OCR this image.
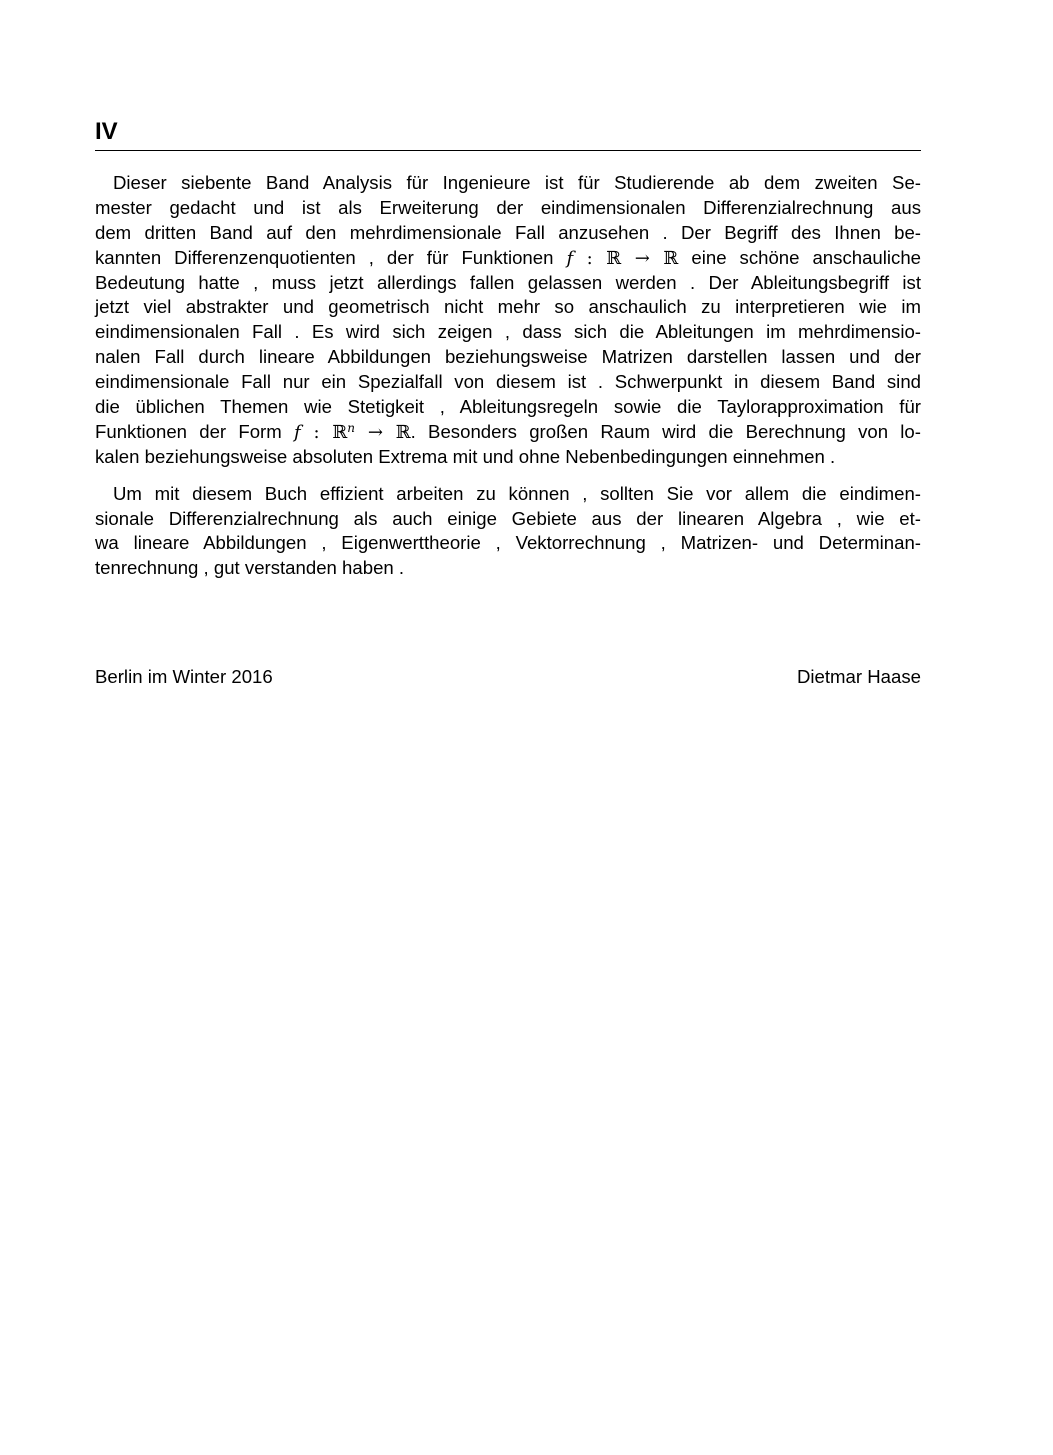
IV

Dieser siebente Band Analysis für Ingenieure ist für Studierende ab dem zweiten Se-
mester gedacht und ist als Erweiterung der eindimensionalen Differenzialrechnung aus
dem dritten Band auf den mehrdimensionale Fall anzusehen . Der Begriff des Ihnen be-
kannten Differenzenquotienten , der für Funktionen f : ℝ → ℝ eine schöne anschauliche
Bedeutung hatte , muss jetzt allerdings fallen gelassen werden . Der Ableitungsbegriff ist
jetzt viel abstrakter und geometrisch nicht mehr so anschaulich zu interpretieren wie im
eindimensionalen Fall . Es wird sich zeigen , dass sich die Ableitungen im mehrdimensio-
nalen Fall durch lineare Abbildungen beziehungsweise Matrizen darstellen lassen und der
eindimensionale Fall nur ein Spezialfall von diesem ist . Schwerpunkt in diesem Band sind
die üblichen Themen wie Stetigkeit , Ableitungsregeln sowie die Taylorapproximation für
Funktionen der Form f : ℝ$^n$ → ℝ. Besonders großen Raum wird die Berechnung von lo-
kalen beziehungsweise absoluten Extrema mit und ohne Nebenbedingungen einnehmen .

Um mit diesem Buch effizient arbeiten zu können , sollten Sie vor allem die eindimen-
sionale Differenzialrechnung als auch einige Gebiete aus der linearen Algebra , wie et-
wa lineare Abbildungen , Eigenwerttheorie , Vektorrechnung , Matrizen- und Determinan-
tenrechnung , gut verstanden haben .

Berlin im Winter 2016	Dietmar Haase
